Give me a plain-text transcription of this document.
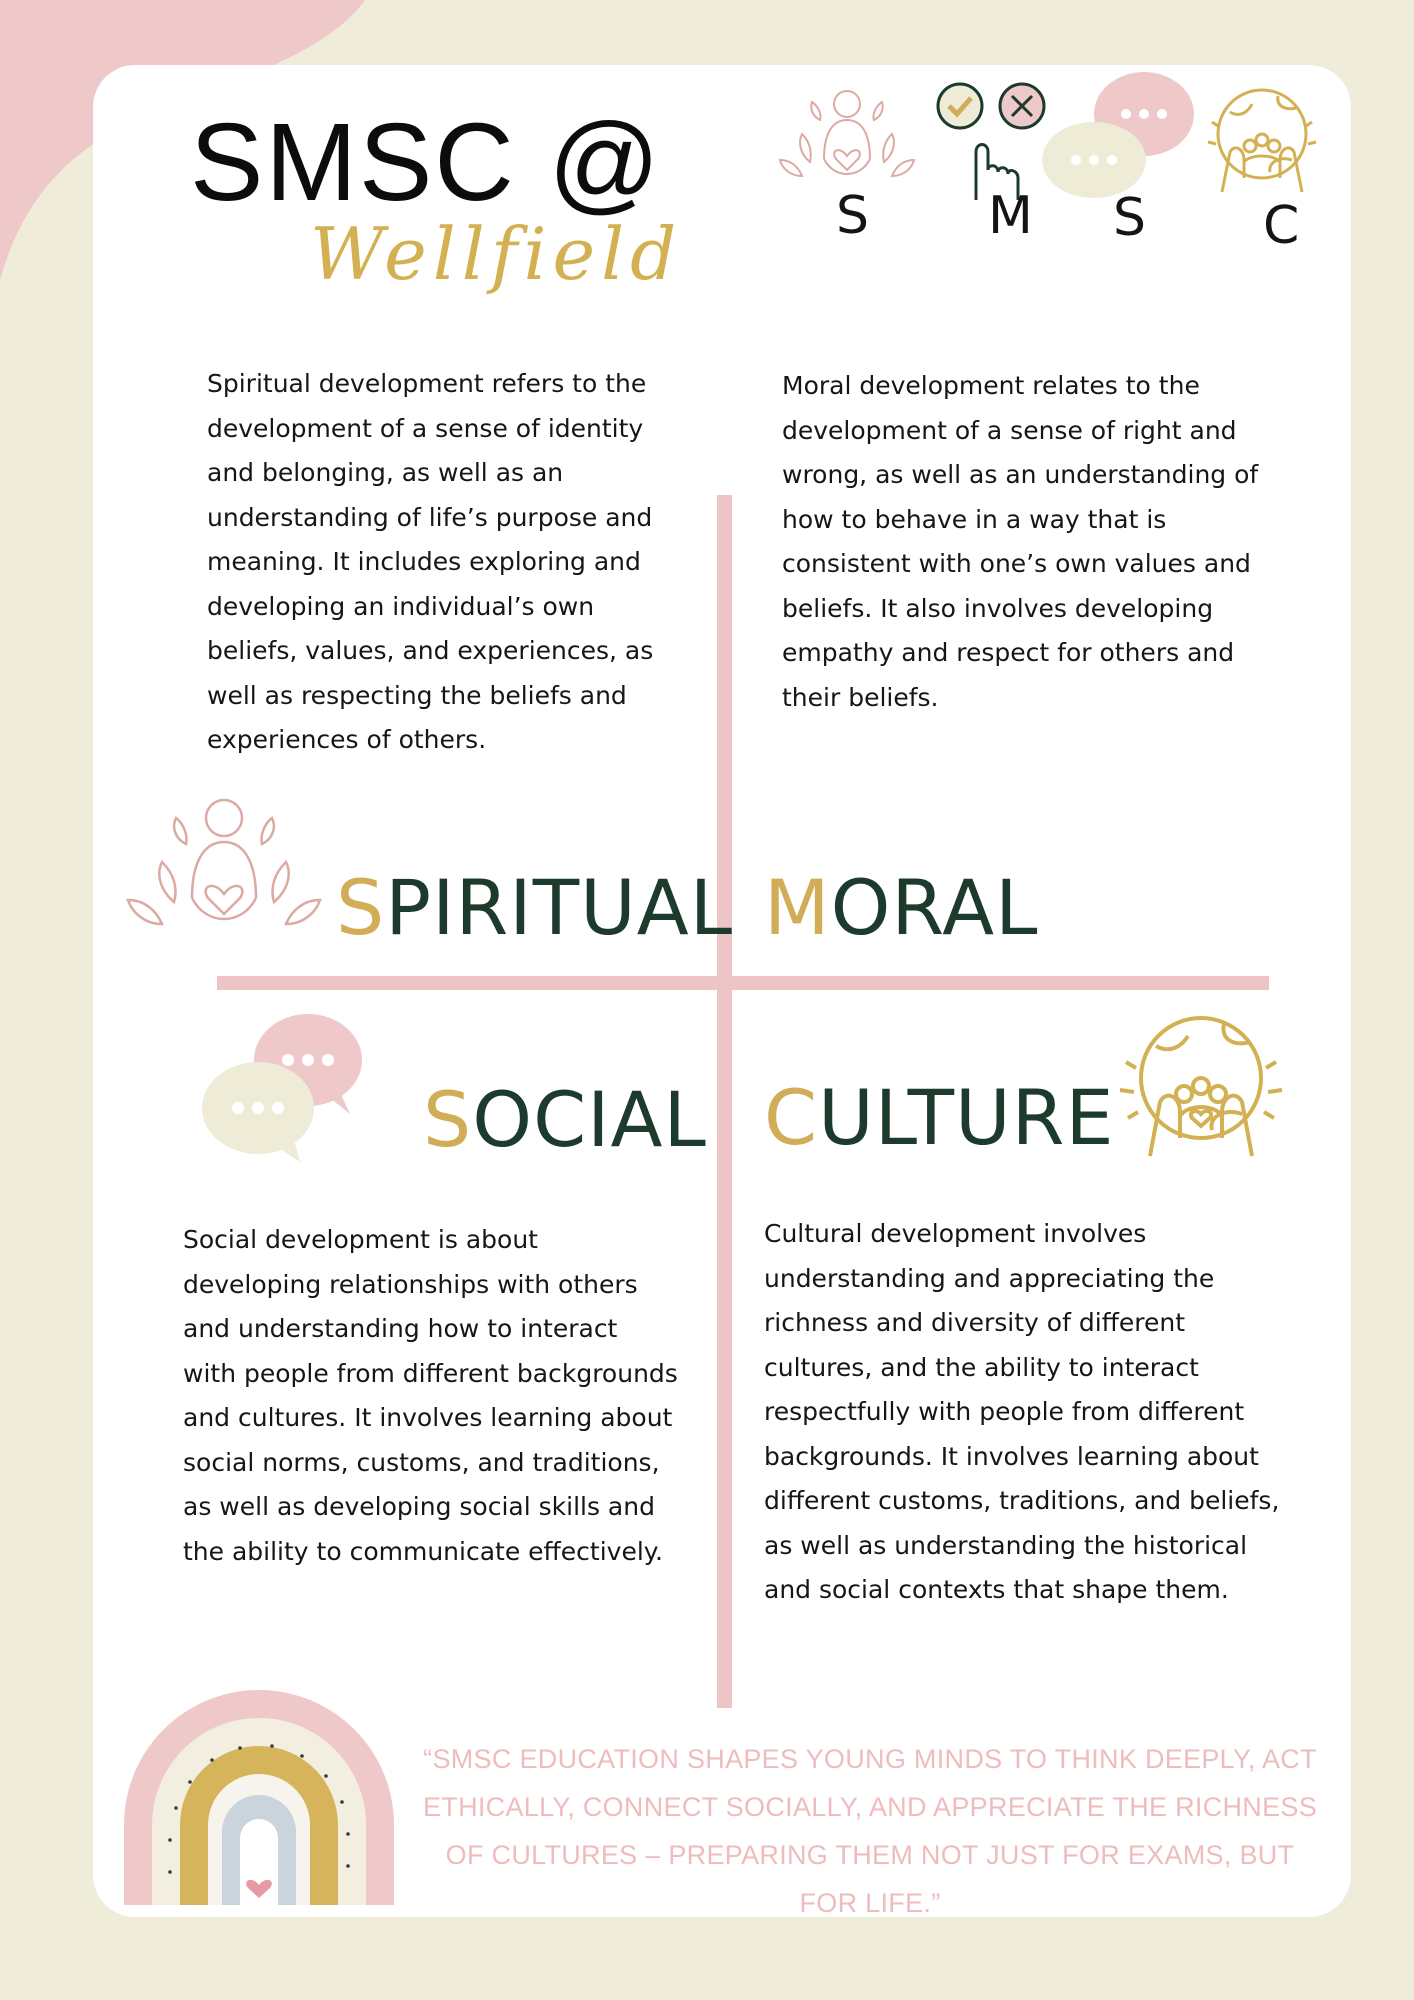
SMSC @
Wellfield	S M S C

Spiritual development refers to the development of a sense of identity and belonging, as well as an understanding of life’s purpose and meaning. It includes exploring and developing an individual’s own beliefs, values, and experiences, as well as respecting the beliefs and experiences of others.

Moral development relates to the development of a sense of right and wrong, as well as an understanding of how to behave in a way that is consistent with one’s own values and beliefs. It also involves developing empathy and respect for others and their beliefs.

SPIRITUAL MORAL
SOCIAL CULTURE

Social development is about developing relationships with others and understanding how to interact with people from different backgrounds and cultures. It involves learning about social norms, customs, and traditions, as well as developing social skills and the ability to communicate effectively.

Cultural development involves understanding and appreciating the richness and diversity of different cultures, and the ability to interact respectfully with people from different backgrounds. It involves learning about different customs, traditions, and beliefs, as well as understanding the historical and social contexts that shape them.

“SMSC EDUCATION SHAPES YOUNG MINDS TO THINK DEEPLY, ACT ETHICALLY, CONNECT SOCIALLY, AND APPRECIATE THE RICHNESS OF CULTURES – PREPARING THEM NOT JUST FOR EXAMS, BUT FOR LIFE.”
